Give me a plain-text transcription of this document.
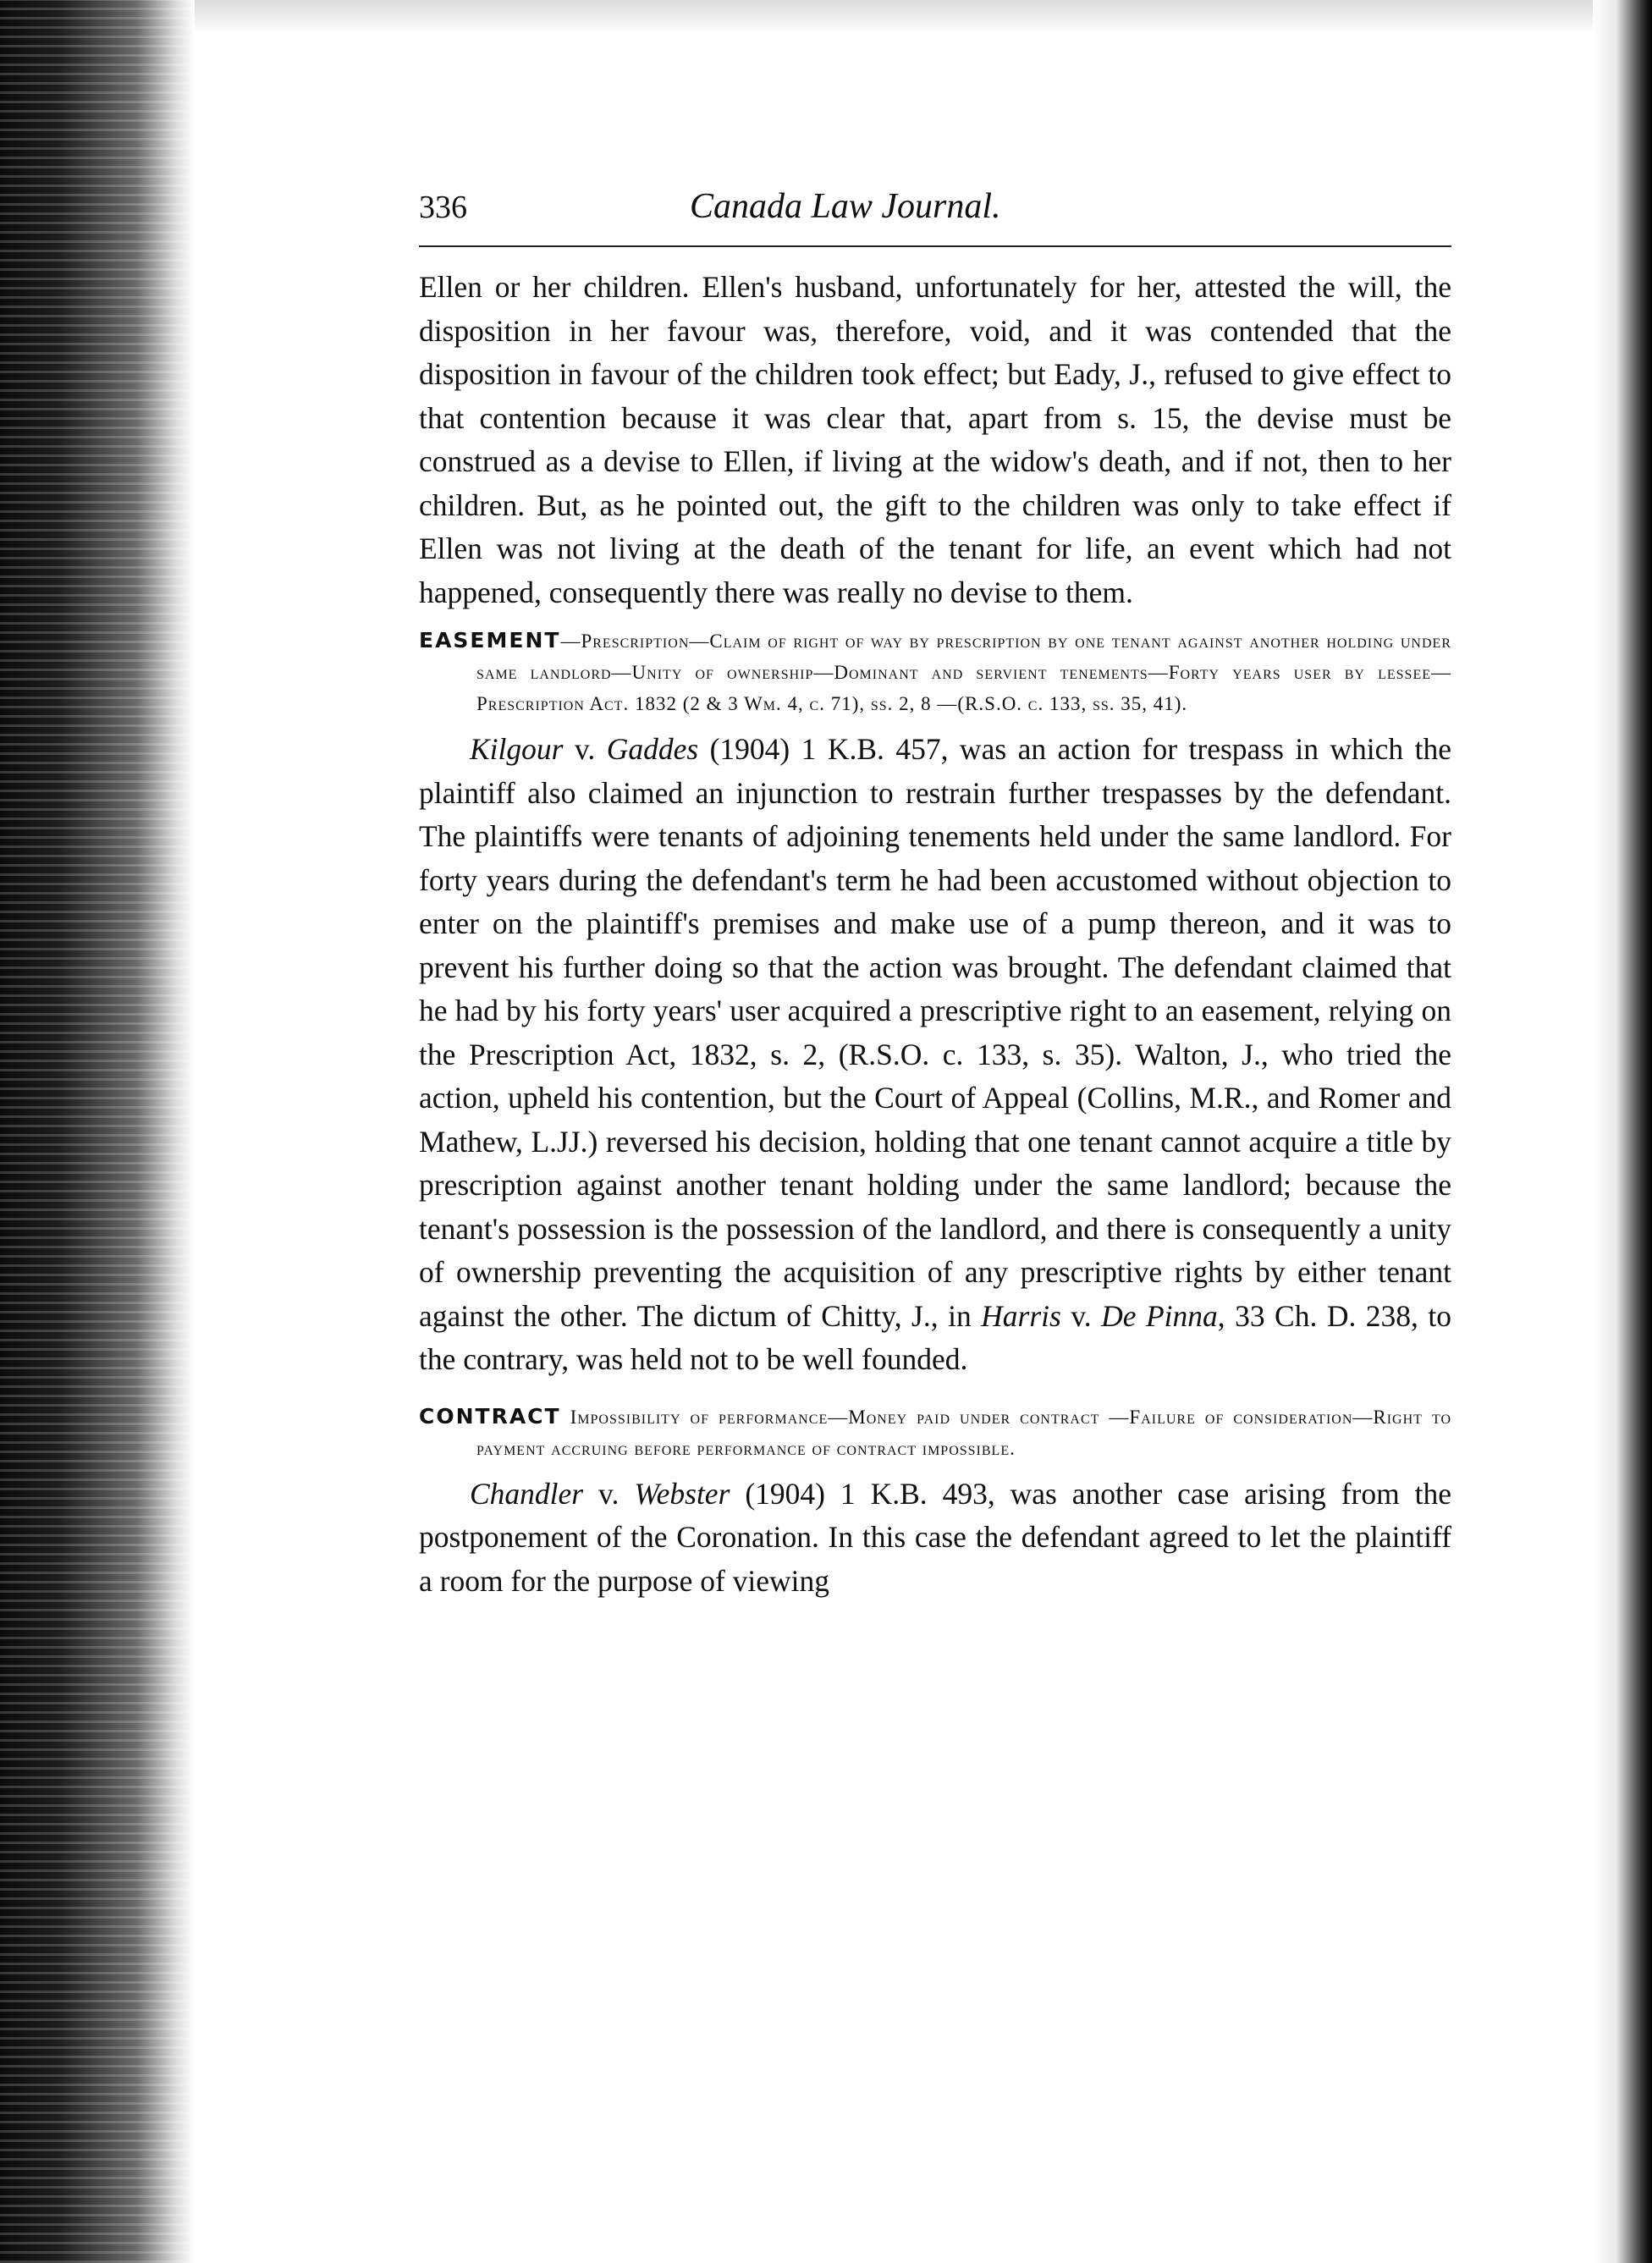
336	Canada Law Journal.

Ellen or her children. Ellen's husband, unfortunately for her, attested the will, the disposition in her favour was, therefore, void, and it was contended that the disposition in favour of the children took effect; but Eady, J., refused to give effect to that contention because it was clear that, apart from s. 15, the devise must be construed as a devise to Ellen, if living at the widow's death, and if not, then to her children. But, as he pointed out, the gift to the children was only to take effect if Ellen was not living at the death of the tenant for life, an event which had not happened, consequently there was really no devise to them.

EASEMENT—Prescription—Claim of right of way by prescription by one tenant against another holding under same landlord—Unity of ownership—Dominant and servient tenements—Forty years user by lessee—Prescription Act. 1832 (2 & 3 Wm. 4, c. 71), ss. 2, 8 —(R.S.O. c. 133, ss. 35, 41).

Kilgour v. Gaddes (1904) 1 K.B. 457, was an action for trespass in which the plaintiff also claimed an injunction to restrain further trespasses by the defendant. The plaintiffs were tenants of adjoining tenements held under the same landlord. For forty years during the defendant's term he had been accustomed without objection to enter on the plaintiff's premises and make use of a pump thereon, and it was to prevent his further doing so that the action was brought. The defendant claimed that he had by his forty years' user acquired a prescriptive right to an easement, relying on the Prescription Act, 1832, s. 2, (R.S.O. c. 133, s. 35). Walton, J., who tried the action, upheld his contention, but the Court of Appeal (Collins, M.R., and Romer and Mathew, L.JJ.) reversed his decision, holding that one tenant cannot acquire a title by prescription against another tenant holding under the same landlord; because the tenant's possession is the possession of the landlord, and there is consequently a unity of ownership preventing the acquisition of any prescriptive rights by either tenant against the other. The dictum of Chitty, J., in Harris v. De Pinna, 33 Ch. D. 238, to the contrary, was held not to be well founded.

CONTRACT Impossibility of performance—Money paid under contract —Failure of consideration—Right to payment accruing before performance of contract impossible.

Chandler v. Webster (1904) 1 K.B. 493, was another case arising from the postponement of the Coronation. In this case the defendant agreed to let the plaintiff a room for the purpose of viewing
